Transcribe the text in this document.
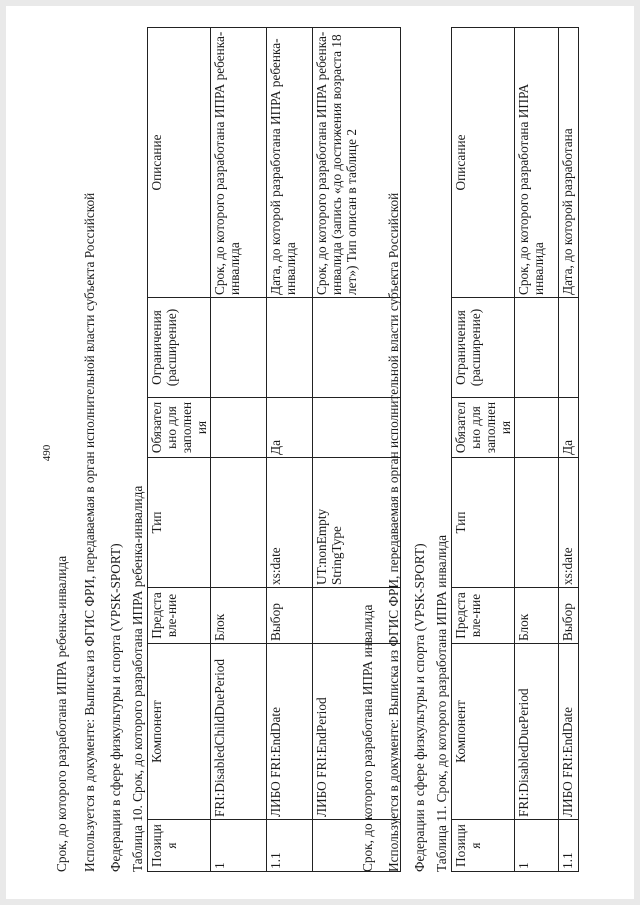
490

Срок, до которого разработана ИПРА ребенка-инвалида Используется в документе: Выписка из ФГИС ФРИ, передаваемая в орган исполнительной власти субъекта Российской Федерации в сфере физкультуры и спорта (VPSK-SPORT) Таблица 10. Срок, до которого разработана ИПРА ребенка-инвалида Позиция	Компонент	Представле-ние	Тип	Обязательно для заполнения	Ограничения (расширение)	Описание
1	FRI:DisabledChildDuePeriod	Блок				Срок, до которого разработана ИПРА ребенка-инвалида
1.1	ЛИБО FRI:EndDate	Выбор	xs:date	Да		Дата, до которой разработана ИПРА ребенка-инвалида
	ЛИБО FRI:EndPeriod		UT:nonEmpty StringType			Срок, до которого разработана ИПРА ребенка-инвалида (запись «до достижения возраста 18 лет») Тип описан в таблице 2

Срок, до которого разработана ИПРА инвалида Используется в документе: Выписка из ФГИС ФРИ, передаваемая в орган исполнительной власти субъекта Российской Федерации в сфере физкультуры и спорта (VPSK-SPORT) Таблица 11. Срок, до которого разработана ИПРА инвалида Позиция	Компонент	Представле-ние	Тип	Обязательно для заполнения	Ограничения (расширение)	Описание
1	FRI:DisabledDuePeriod	Блок				Срок, до которого разработана ИПРА инвалида
1.1	ЛИБО FRI:EndDate	Выбор	xs:date	Да		Дата, до которой разработана
